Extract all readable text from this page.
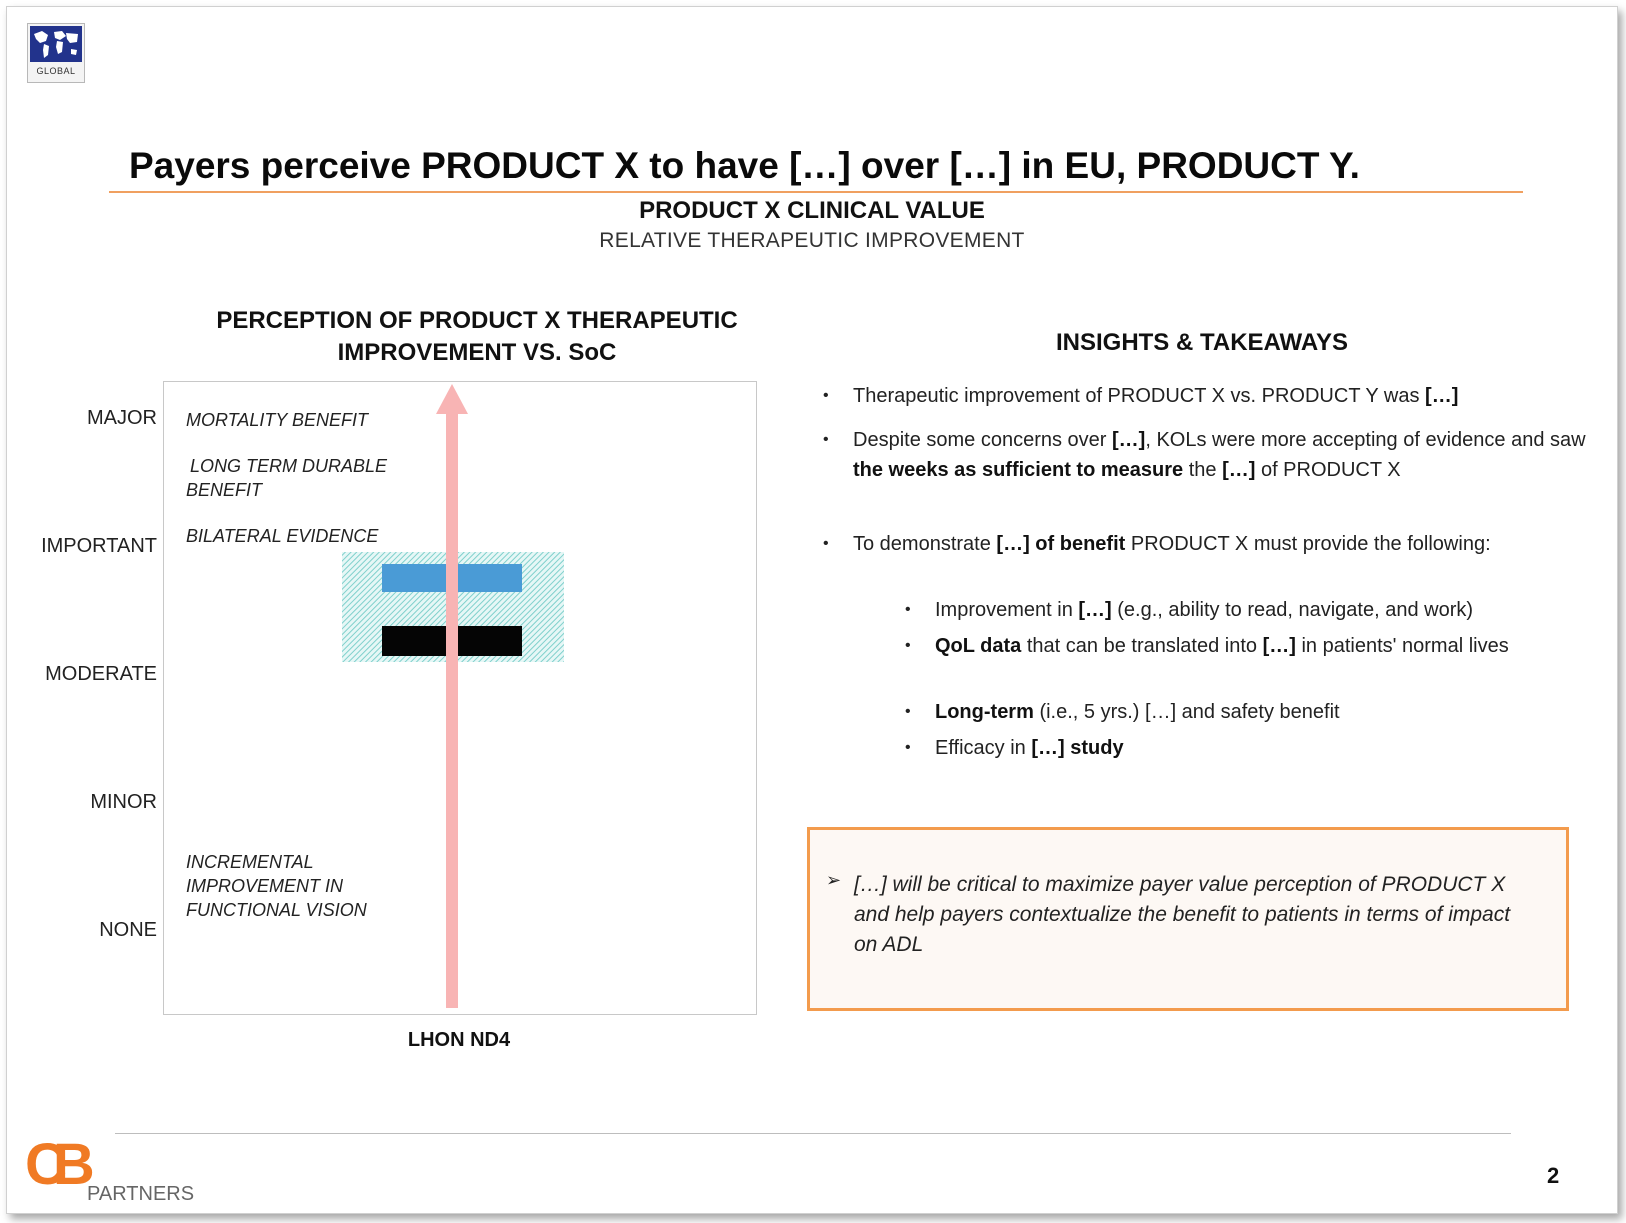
GLOBAL
Payers perceive PRODUCT X to have […] over […] in EU, PRODUCT Y.
PRODUCT X CLINICAL VALUE
RELATIVE THERAPEUTIC IMPROVEMENT
PERCEPTION OF PRODUCT X THERAPEUTIC
IMPROVEMENT VS. SoC
MAJOR
IMPORTANT
MODERATE
MINOR
NONE
MORTALITY BENEFIT
LONG TERM DURABLE
BENEFIT
BILATERAL EVIDENCE
INCREMENTAL
IMPROVEMENT IN
FUNCTIONAL VISION
LHON ND4
INSIGHTS & TAKEAWAYS
• Therapeutic improvement of PRODUCT X vs. PRODUCT Y was […]
• Despite some concerns over […], KOLs were more accepting of evidence and saw the weeks as sufficient to measure the […] of PRODUCT X
• To demonstrate […] of benefit PRODUCT X must provide the following:
• Improvement in […] (e.g., ability to read, navigate, and work)
• QoL data that can be translated into […] in patients' normal lives
• Long-term (i.e., 5 yrs.) […] and safety benefit
• Efficacy in […] study
➢ […] will be critical to maximize payer value perception of PRODUCT X and help payers contextualize the benefit to patients in terms of impact on ADL
CB PARTNERS
2
